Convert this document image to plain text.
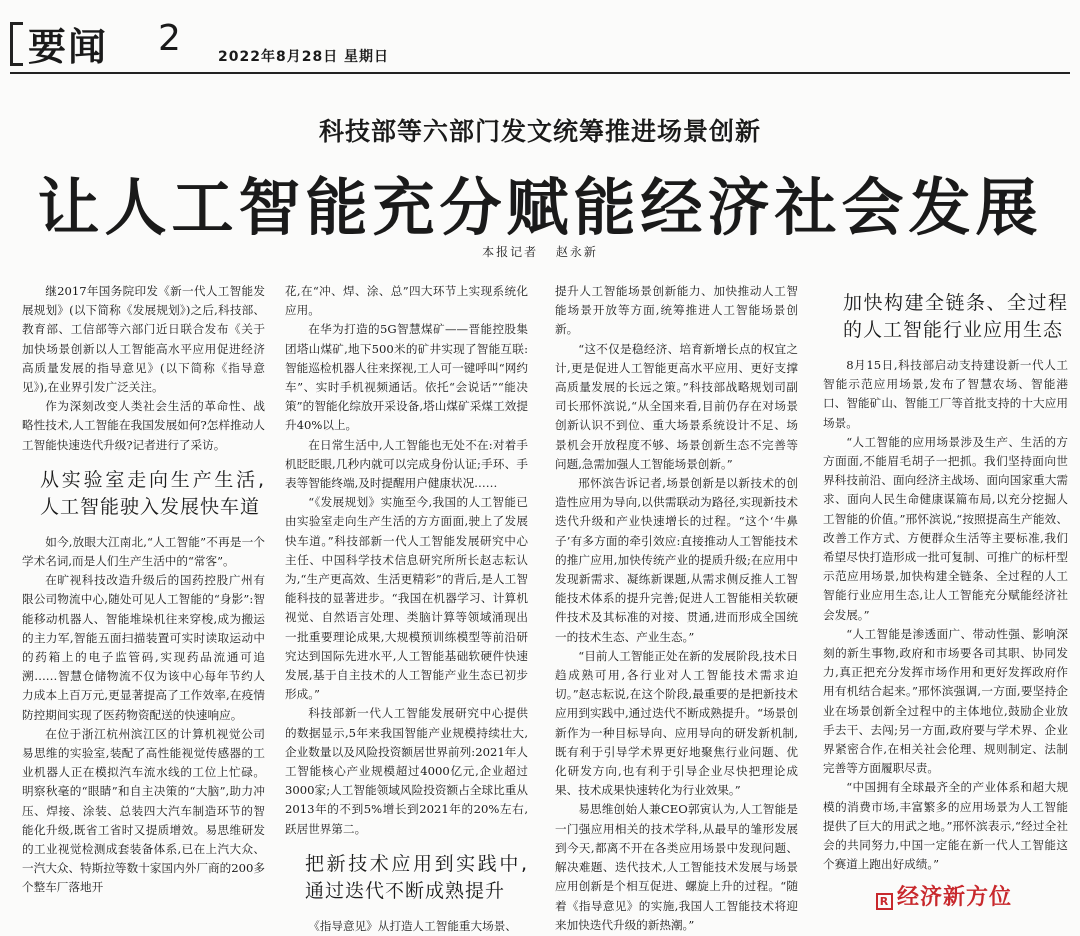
要闻 2	2022年8月28日 星期日
科技部等六部门发文统筹推进场景创新
让人工智能充分赋能经济社会发展
本报记者 赵永新

继2017年国务院印发《新一代人工智能发展规划》(以下简称《发展规划》)之后,科技部、教育部、工信部等六部门近日联合发布《关于加快场景创新以人工智能高水平应用促进经济高质量发展的指导意见》(以下简称《指导意见》),在业界引发广泛关注。

作为深刻改变人类社会生活的革命性、战略性技术,人工智能在我国发展如何?怎样推动人工智能快速迭代升级?记者进行了采访。

从实验室走向生产生活,人工智能驶入发展快车道

如今,放眼大江南北,“人工智能”不再是一个学术名词,而是人们生产生活中的“常客”。

在旷视科技改造升级后的国药控股广州有限公司物流中心,随处可见人工智能的“身影”:智能移动机器人、智能堆垛机往来穿梭,成为搬运的主力军,智能五面扫描装置可实时读取运动中的药箱上的电子监管码,实现药品流通可追溯……智慧仓储物流不仅为该中心每年节约人力成本上百万元,更显著提高了工作效率,在疫情防控期间实现了医药物资配送的快速响应。

在位于浙江杭州滨江区的计算机视觉公司易思维的实验室,装配了高性能视觉传感器的工业机器人正在模拟汽车流水线的工位上忙碌。明察秋毫的“眼睛”和自主决策的“大脑”,助力冲压、焊接、涂装、总装四大汽车制造环节的智能化升级,既省工省时又提质增效。易思维研发的工业视觉检测成套装备体系,已在上汽大众、一汽大众、特斯拉等数十家国内外厂商的200多个整车厂落地开

花,在“冲、焊、涂、总”四大环节上实现系统化应用。

在华为打造的5G智慧煤矿——晋能控股集团塔山煤矿,地下500米的矿井实现了智能互联:智能巡检机器人往来探视,工人可一键呼叫“网约车”、实时手机视频通话。依托“会说话”“能决策”的智能化综放开采设备,塔山煤矿采煤工效提升40%以上。

在日常生活中,人工智能也无处不在:对着手机眨眨眼,几秒内就可以完成身份认证;手环、手表等智能终端,及时提醒用户健康状况……

“《发展规划》实施至今,我国的人工智能已由实验室走向生产生活的方方面面,驶上了发展快车道。”科技部新一代人工智能发展研究中心主任、中国科学技术信息研究所所长赵志耘认为,“生产更高效、生活更精彩”的背后,是人工智能科技的显著进步。“我国在机器学习、计算机视觉、自然语言处理、类脑计算等领域涌现出一批重要理论成果,大规模预训练模型等前沿研究达到国际先进水平,人工智能基础软硬件快速发展,基于自主技术的人工智能产业生态已初步形成。”

科技部新一代人工智能发展研究中心提供的数据显示,5年来我国智能产业规模持续壮大,企业数量以及风险投资额居世界前列:2021年人工智能核心产业规模超过4000亿元,企业超过3000家;人工智能领域风险投资额占全球比重从2013年的不到5%增长到2021年的20%左右,跃居世界第二。

把新技术应用到实践中,通过迭代不断成熟提升

《指导意见》从打造人工智能重大场景、

提升人工智能场景创新能力、加快推动人工智能场景开放等方面,统筹推进人工智能场景创新。

“这不仅是稳经济、培育新增长点的权宜之计,更是促进人工智能更高水平应用、更好支撑高质量发展的长远之策。”科技部战略规划司副司长邢怀滨说,“从全国来看,目前仍存在对场景创新认识不到位、重大场景系统设计不足、场景机会开放程度不够、场景创新生态不完善等问题,急需加强人工智能场景创新。”

邢怀滨告诉记者,场景创新是以新技术的创造性应用为导向,以供需联动为路径,实现新技术迭代升级和产业快速增长的过程。“这个‘牛鼻子’有多方面的牵引效应:直接推动人工智能技术的推广应用,加快传统产业的提质升级;在应用中发现新需求、凝练新课题,从需求侧反推人工智能技术体系的提升完善;促进人工智能相关软硬件技术及其标准的对接、贯通,进而形成全国统一的技术生态、产业生态。”

“目前人工智能正处在新的发展阶段,技术日趋成熟可用,各行业对人工智能技术需求迫切。”赵志耘说,在这个阶段,最重要的是把新技术应用到实践中,通过迭代不断成熟提升。“场景创新作为一种目标导向、应用导向的研发新机制,既有利于引导学术界更好地聚焦行业问题、优化研发方向,也有利于引导企业尽快把理论成果、技术成果快速转化为行业效果。”

易思维创始人兼CEO郭寅认为,人工智能是一门强应用相关的技术学科,从最早的雏形发展到今天,都离不开在各类应用场景中发现问题、解决难题、迭代技术,人工智能技术发展与场景应用创新是个相互促进、螺旋上升的过程。“随着《指导意见》的实施,我国人工智能技术将迎来加快迭代升级的新热潮。”

加快构建全链条、全过程的人工智能行业应用生态

8月15日,科技部启动支持建设新一代人工智能示范应用场景,发布了智慧农场、智能港口、智能矿山、智能工厂等首批支持的十大应用场景。

“人工智能的应用场景涉及生产、生活的方方面面,不能眉毛胡子一把抓。我们坚持面向世界科技前沿、面向经济主战场、面向国家重大需求、面向人民生命健康谋篇布局,以充分挖掘人工智能的价值。”邢怀滨说,“按照提高生产能效、改善工作方式、方便群众生活等主要标准,我们希望尽快打造形成一批可复制、可推广的标杆型示范应用场景,加快构建全链条、全过程的人工智能行业应用生态,让人工智能充分赋能经济社会发展。”

“人工智能是渗透面广、带动性强、影响深刻的新生事物,政府和市场要各司其职、协同发力,真正把充分发挥市场作用和更好发挥政府作用有机结合起来。”邢怀滨强调,一方面,要坚持企业在场景创新全过程中的主体地位,鼓励企业放手去干、去闯;另一方面,政府要与学术界、企业界紧密合作,在相关社会伦理、规则制定、法制完善等方面履职尽责。

“中国拥有全球最齐全的产业体系和超大规模的消费市场,丰富繁多的应用场景为人工智能提供了巨大的用武之地。”邢怀滨表示,“经过全社会的共同努力,中国一定能在新一代人工智能这个赛道上跑出好成绩。”

R 经济新方位
